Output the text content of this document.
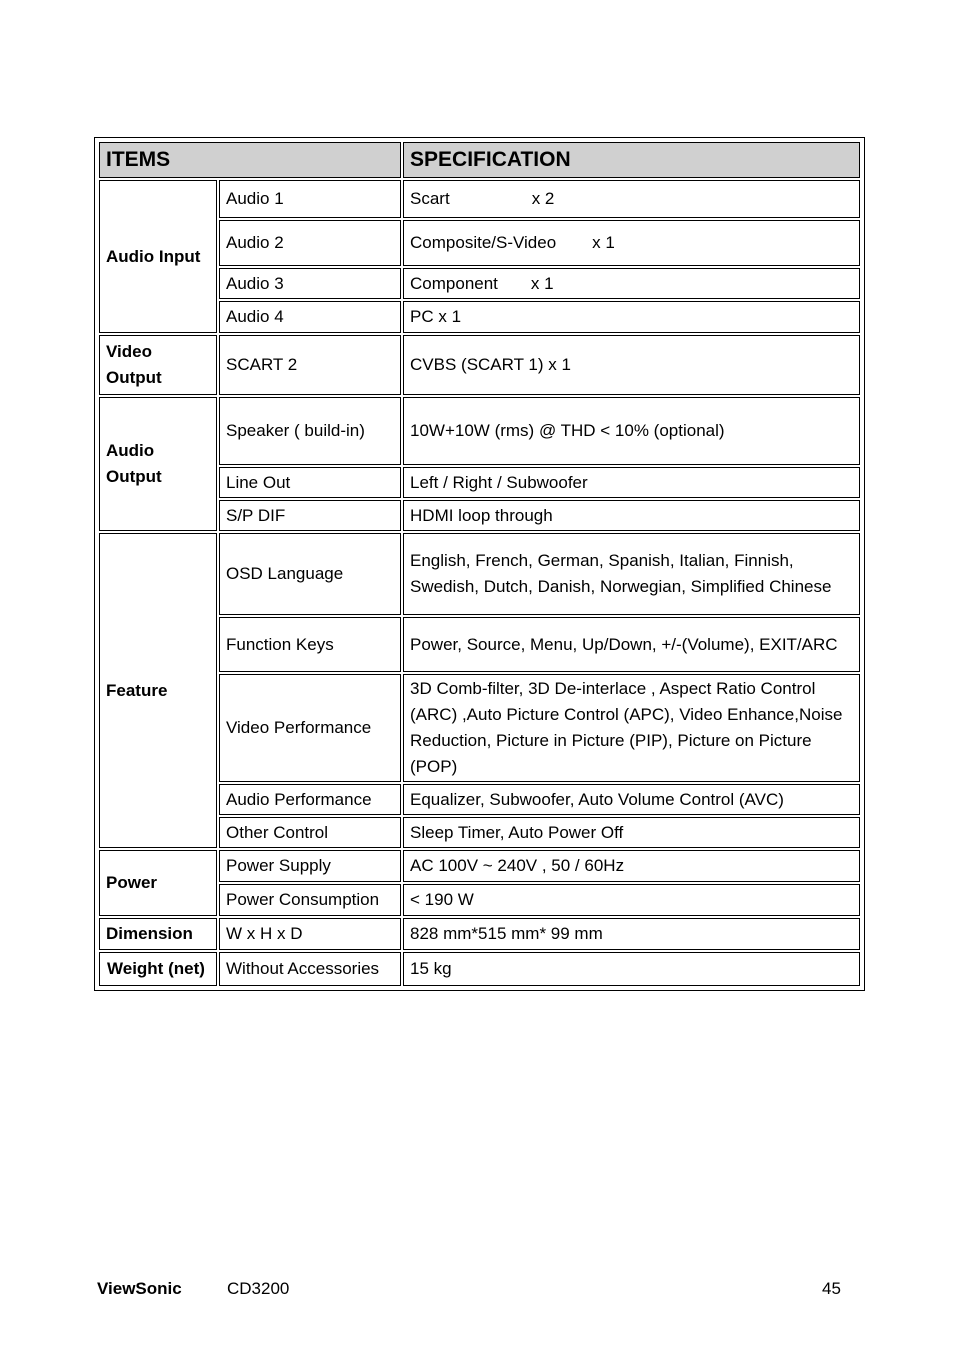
ITEMS		SPECIFICATION
Audio Input	Audio 1	Scart x 2
	Audio 2	Composite/S-Video x 1
	Audio 3	Component x 1
	Audio 4	PC x 1
Video
Output	SCART 2	CVBS (SCART 1) x 1
Audio
Output	Speaker ( build-in)	10W+10W (rms) @ THD < 10% (optional)
	Line Out	Left / Right / Subwoofer
	S/P DIF	HDMI loop through
Feature	OSD Language	English, French, German, Spanish, Italian, Finnish, Swedish, Dutch, Danish, Norwegian, Simplified Chinese
	Function Keys	Power, Source, Menu, Up/Down, +/-(Volume), EXIT/ARC
	Video Performance	3D Comb-filter, 3D De-interlace , Aspect Ratio Control (ARC) ,Auto Picture Control (APC), Video Enhance,Noise Reduction, Picture in Picture (PIP), Picture on Picture (POP)
	Audio Performance	Equalizer, Subwoofer, Auto Volume Control (AVC)
	Other Control	Sleep Timer, Auto Power Off
Power	Power Supply	AC 100V ~ 240V , 50 / 60Hz
	Power Consumption	< 190 W
Dimension	W x H x D	828 mm*515 mm* 99 mm
Weight (net)	Without Accessories	15 kg
ViewSonic	CD3200	45
